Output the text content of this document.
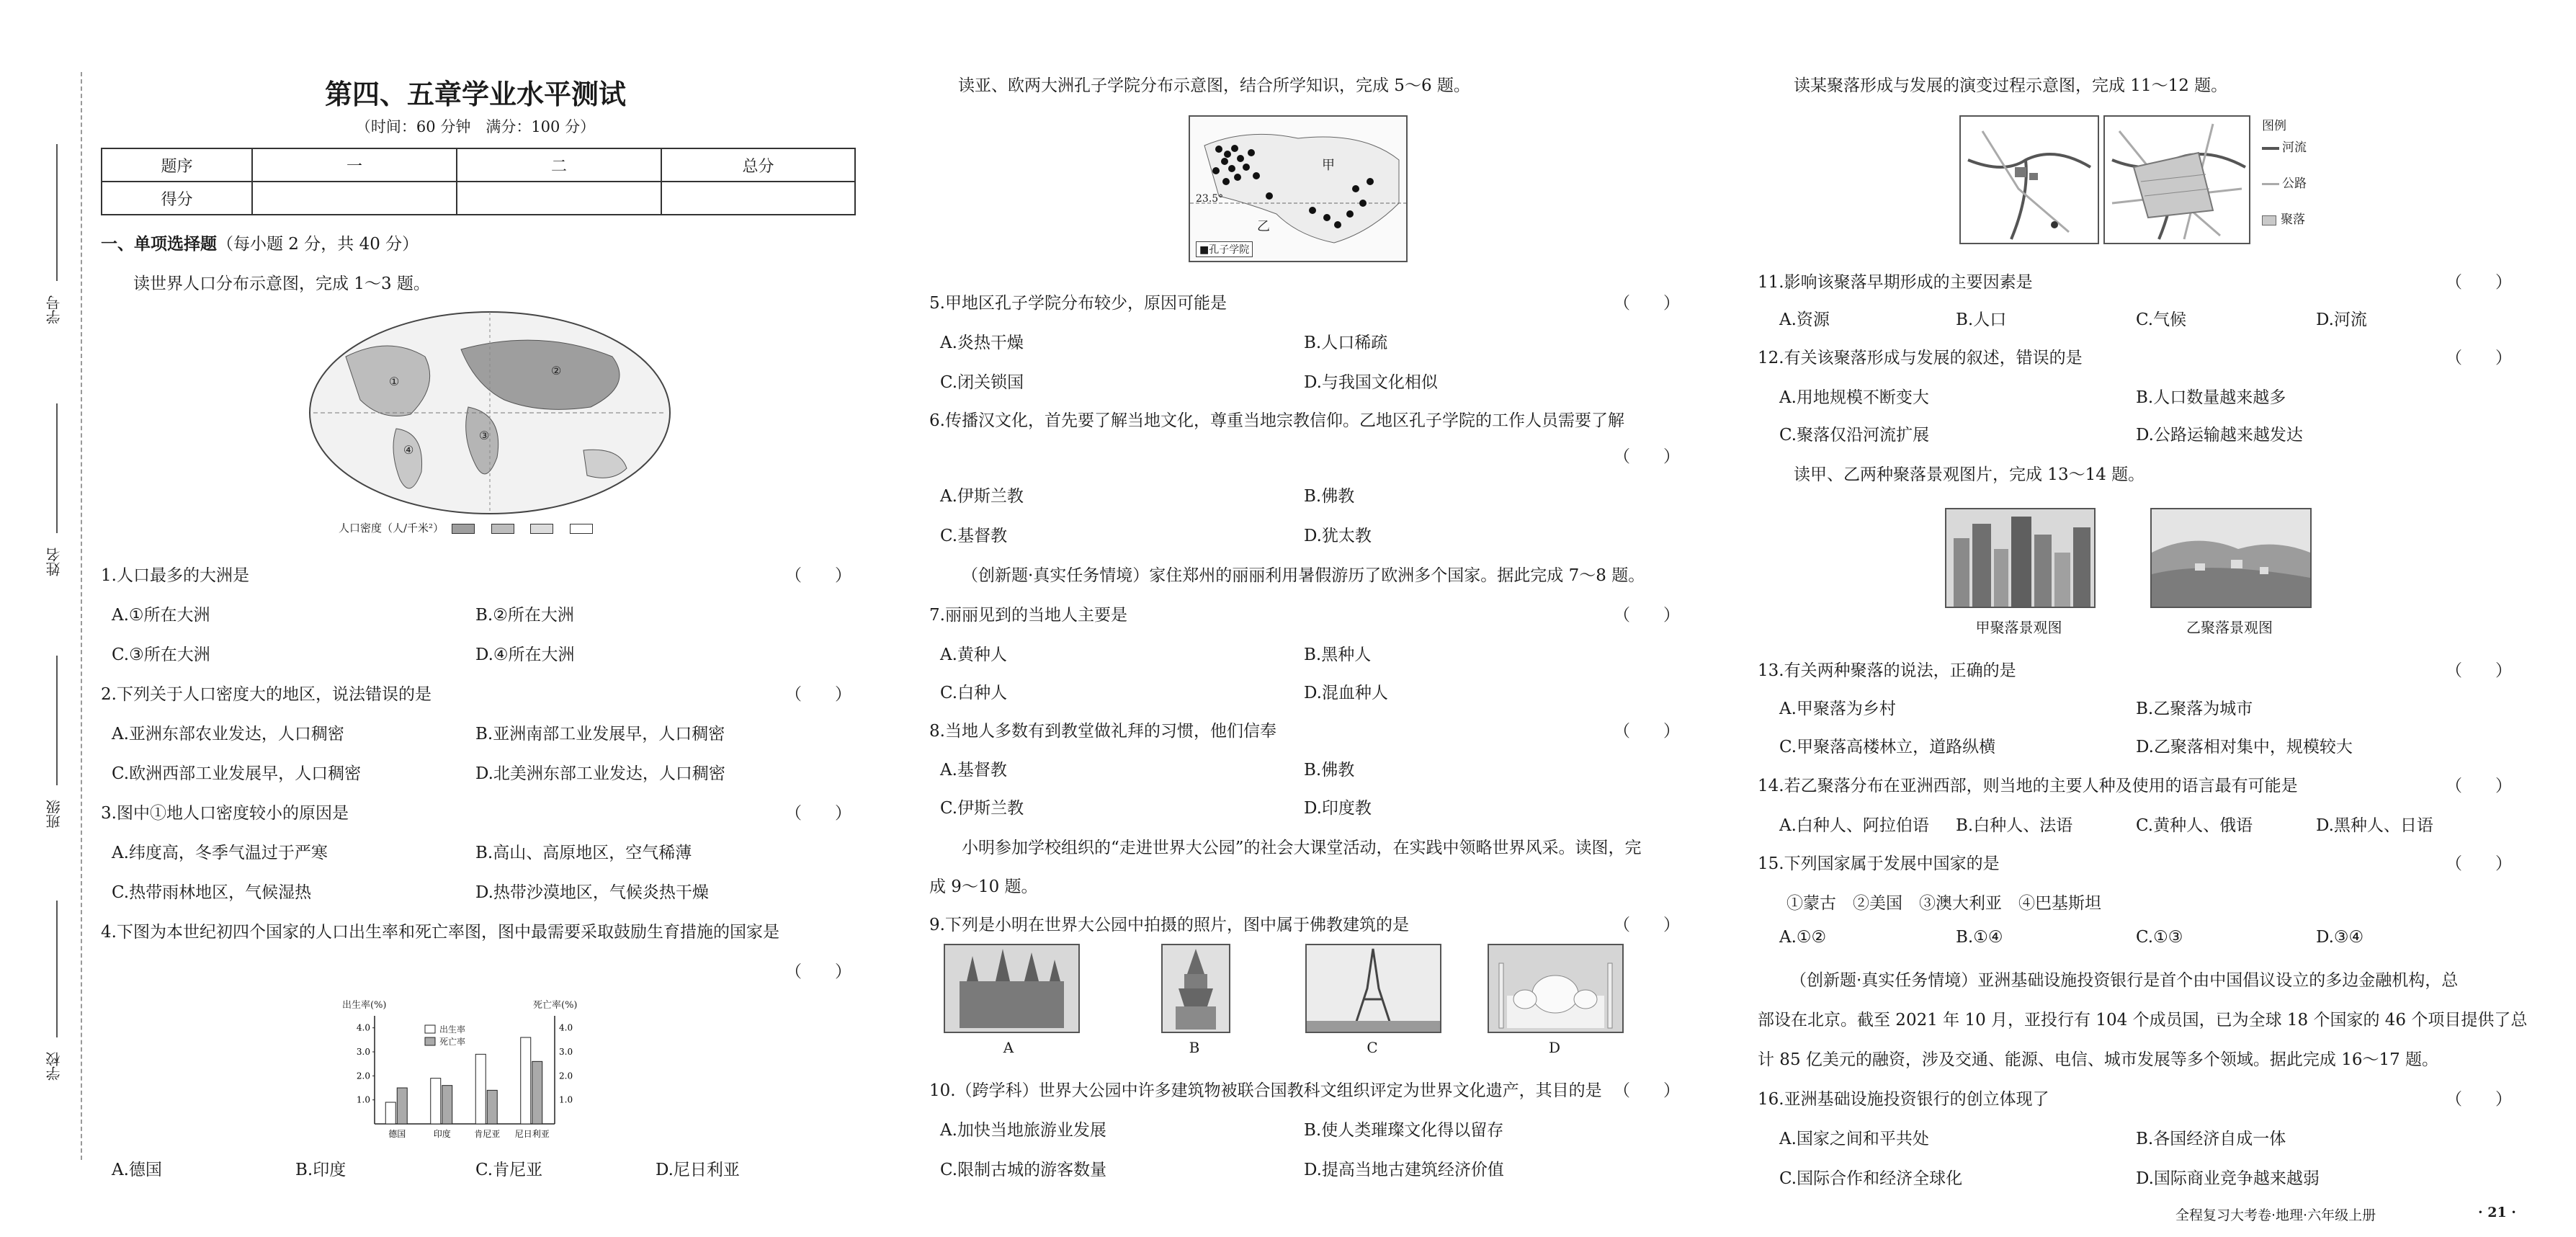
学号
姓名
班级
学校
第四、五章学业水平测试
（时间：60 分钟　满分：100 分）
题序	一	二	总分
得分			
一、单项选择题（每小题 2 分，共 40 分）
读世界人口分布示意图，完成 1～3 题。
①
②
③
④
人口密度（人/千米²）
1.人口最多的大洲是	（　　）
A.①所在大洲	B.②所在大洲
C.③所在大洲	D.④所在大洲
2.下列关于人口密度大的地区，说法错误的是	（　　）
A.亚洲东部农业发达，人口稠密	B.亚洲南部工业发展早，人口稠密
C.欧洲西部工业发展早，人口稠密	D.北美洲东部工业发达，人口稠密
3.图中①地人口密度较小的原因是	（　　）
A.纬度高，冬季气温过于严寒	B.高山、高原地区，空气稀薄
C.热带雨林地区，气候湿热	D.热带沙漠地区，气候炎热干燥
4.下图为本世纪初四个国家的人口出生率和死亡率图，图中最需要采取鼓励生育措施的国家是
（　　）
出生率(%)	死亡率(%)
1.0	1.0
2.0	2.0
3.0	3.0
4.0	4.0
德国	印度	肯尼亚 尼日利亚
出生率
死亡率
A.德国	B.印度	C.肯尼亚	D.尼日利亚
读亚、欧两大洲孔子学院分布示意图，结合所学知识，完成 5～6 题。
甲
乙
23.5°
■孔子学院
5.甲地区孔子学院分布较少，原因可能是	（　　）
A.炎热干燥	B.人口稀疏
C.闭关锁国	D.与我国文化相似
6.传播汉文化，首先要了解当地文化，尊重当地宗教信仰。乙地区孔子学院的工作人员需要了解
（　　）
A.伊斯兰教	B.佛教
C.基督教	D.犹太教
（创新题·真实任务情境）家住郑州的丽丽利用暑假游历了欧洲多个国家。据此完成 7～8 题。
7.丽丽见到的当地人主要是	（　　）
A.黄种人	B.黑种人
C.白种人	D.混血种人
8.当地人多数有到教堂做礼拜的习惯，他们信奉	（　　）
A.基督教	B.佛教
C.伊斯兰教	D.印度教
小明参加学校组织的“走进世界大公园”的社会大课堂活动，在实践中领略世界风采。读图，完
成 9～10 题。
9.下列是小明在世界大公园中拍摄的照片，图中属于佛教建筑的是	（　　）
A	B	C	D
10.（跨学科）世界大公园中许多建筑物被联合国教科文组织评定为世界文化遗产，其目的是 （　　）
A.加快当地旅游业发展	B.使人类璀璨文化得以留存
C.限制古城的游客数量	D.提高当地古建筑经济价值
读某聚落形成与发展的演变过程示意图，完成 11～12 题。
图例
河流
公路
聚落
11.影响该聚落早期形成的主要因素是	（　　）
A.资源	B.人口	C.气候	D.河流
12.有关该聚落形成与发展的叙述，错误的是	（　　）
A.用地规模不断变大	B.人口数量越来越多
C.聚落仅沿河流扩展	D.公路运输越来越发达
读甲、乙两种聚落景观图片，完成 13～14 题。
甲聚落景观图	乙聚落景观图
13.有关两种聚落的说法，正确的是	（　　）
A.甲聚落为乡村	B.乙聚落为城市
C.甲聚落高楼林立，道路纵横	D.乙聚落相对集中，规模较大
14.若乙聚落分布在亚洲西部，则当地的主要人种及使用的语言最有可能是	（　　）
A.白种人、阿拉伯语 B.白种人、法语	C.黄种人、俄语	D.黑种人、日语
15.下列国家属于发展中国家的是	（　　）
①蒙古　②美国　③澳大利亚　④巴基斯坦
A.①②	B.①④	C.①③	D.③④
（创新题·真实任务情境）亚洲基础设施投资银行是首个由中国倡议设立的多边金融机构，总
部设在北京。截至 2021 年 10 月，亚投行有 104 个成员国，已为全球 18 个国家的 46 个项目提供了总
计 85 亿美元的融资，涉及交通、能源、电信、城市发展等多个领域。据此完成 16～17 题。
16.亚洲基础设施投资银行的创立体现了	（　　）
A.国家之间和平共处	B.各国经济自成一体
C.国际合作和经济全球化	D.国际商业竞争越来越弱
全程复习大考卷·地理·六年级上册	· 21 ·
